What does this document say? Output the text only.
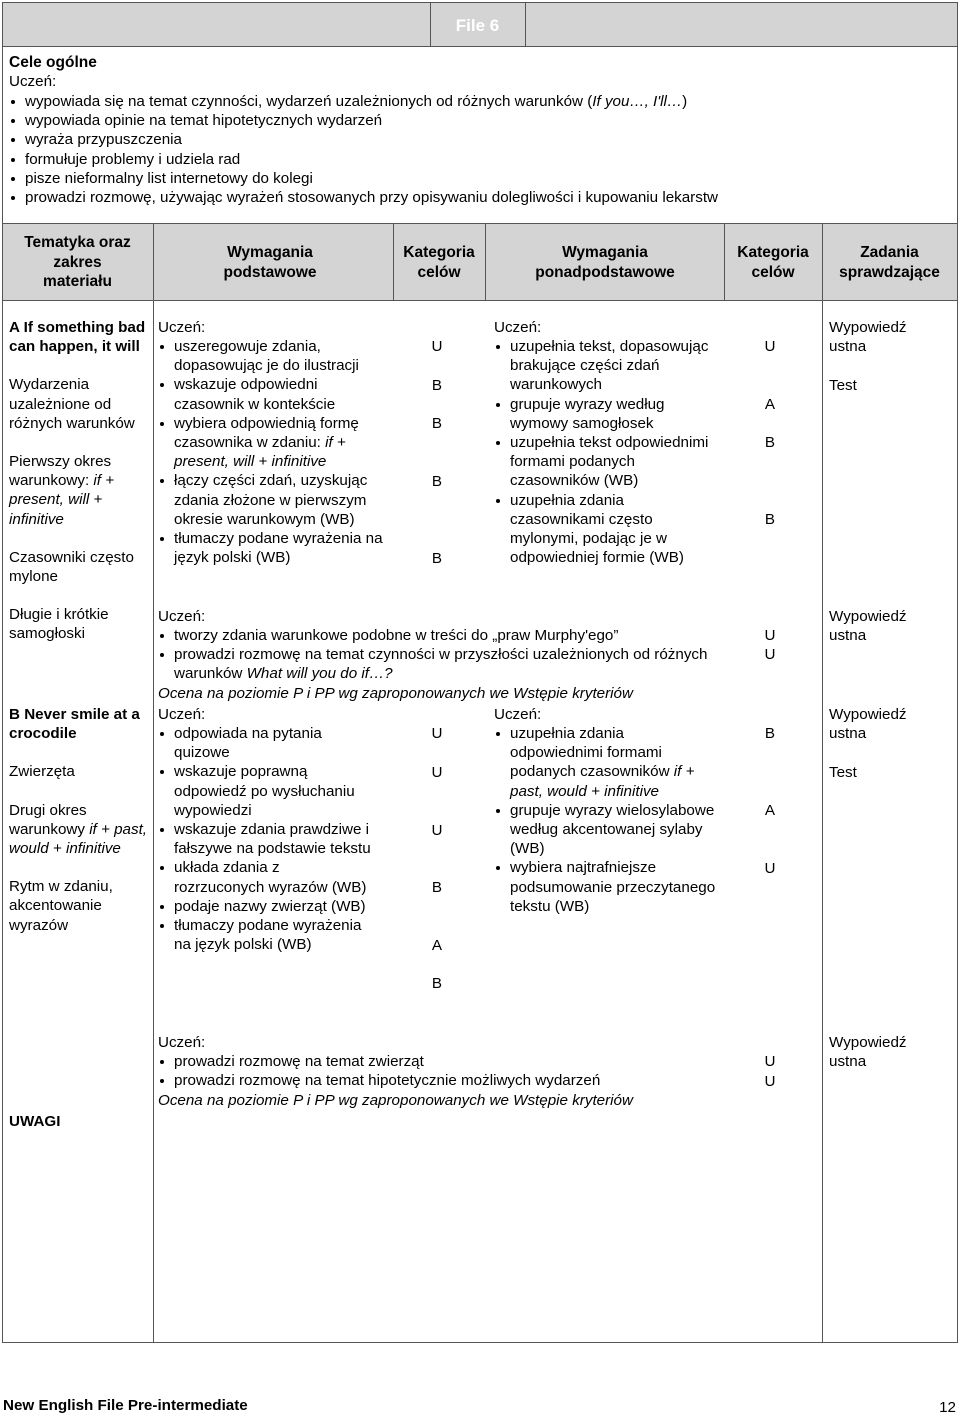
File 6
Cele ogólne
Uczeń:
wypowiada się na temat czynności, wydarzeń uzależnionych od różnych warunków (If you…, I'll…)
wypowiada opinie na temat hipotetycznych wydarzeń
wyraża przypuszczenia
formułuje problemy i udziela rad
pisze nieformalny list internetowy do kolegi
prowadzi rozmowę, używając wyrażeń stosowanych przy opisywaniu dolegliwości i kupowaniu lekarstw
Tematyka oraz zakres materiału
Wymagania podstawowe
Kategoria celów
Wymagania ponadpodstawowe
Kategoria celów
Zadania sprawdzające
A If something bad can happen, it will
Wydarzenia uzależnione od różnych warunków
Pierwszy okres warunkowy: if + present, will + infinitive
Czasowniki często mylone
Długie i krótkie samogłoski
Uczeń:
uszeregowuje zdania, dopasowując je do ilustracji
wskazuje odpowiedni czasownik w kontekście
wybiera odpowiednią formę czasownika w zdaniu: if + present, will + infinitive
łączy części zdań, uzyskując zdania złożone w pierwszym okresie warunkowym (WB)
tłumaczy podane wyrażenia na język polski (WB)
U
B
B
B
B
Uczeń:
uzupełnia tekst, dopasowując brakujące części zdań warunkowych
grupuje wyrazy według wymowy samogłosek
uzupełnia tekst odpowiednimi formami podanych czasowników (WB)
uzupełnia zdania czasownikami często mylonymi, podając je w odpowiedniej formie (WB)
U
A
B
B
Wypowiedź ustna
Test
Uczeń:
tworzy zdania warunkowe podobne w treści do „praw Murphy'ego”
prowadzi rozmowę na temat czynności w przyszłości uzależnionych od różnych warunków What will you do if…?
Ocena na poziomie P i PP wg zaproponowanych we Wstępie kryteriów
U
U
Wypowiedź ustna
B Never smile at a crocodile
Zwierzęta
Drugi okres warunkowy if + past, would + infinitive
Rytm w zdaniu, akcentowanie wyrazów
Uczeń:
odpowiada na pytania quizowe
wskazuje poprawną odpowiedź po wysłuchaniu wypowiedzi
wskazuje zdania prawdziwe i fałszywe na podstawie tekstu
układa zdania z rozrzuconych wyrazów (WB)
podaje nazwy zwierząt (WB)
tłumaczy podane wyrażenia na język polski (WB)
U
U
U
B
A
B
Uczeń:
uzupełnia zdania odpowiednimi formami podanych czasowników if + past, would + infinitive
grupuje wyrazy wielosylabowe według akcentowanej sylaby (WB)
wybiera najtrafniejsze podsumowanie przeczytanego tekstu (WB)
B
A
U
Wypowiedź ustna
Test
Uczeń:
prowadzi rozmowę na temat zwierząt
prowadzi rozmowę na temat hipotetycznie możliwych wydarzeń
Ocena na poziomie P i PP wg zaproponowanych we Wstępie kryteriów
U
U
Wypowiedź ustna
UWAGI
New English File Pre-intermediate	12
